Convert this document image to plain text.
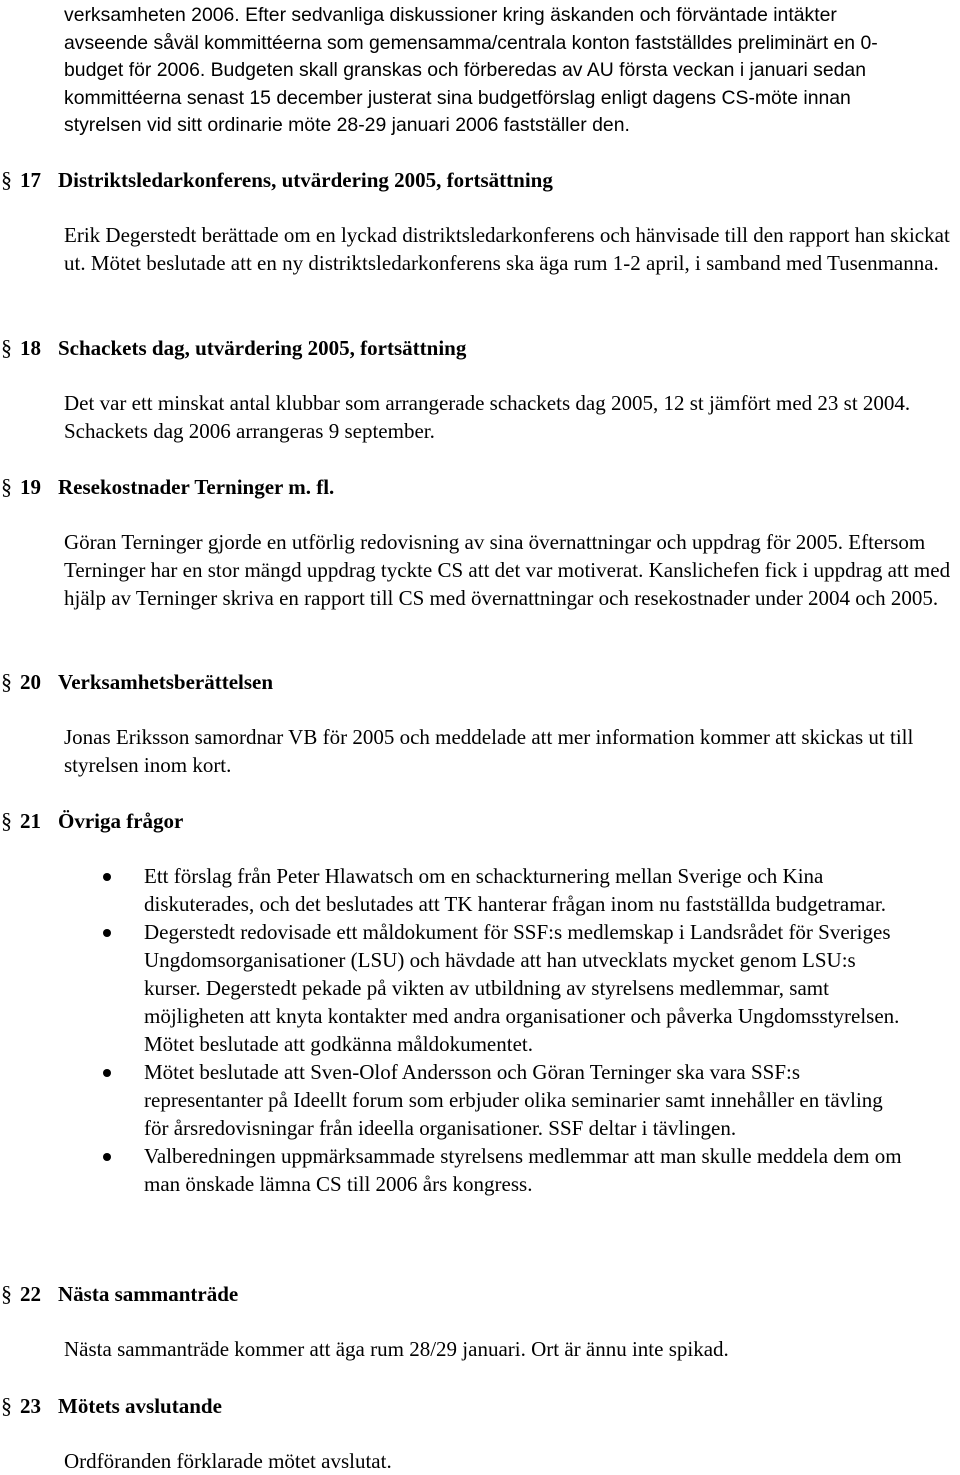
verksamheten 2006. Efter sedvanliga diskussioner kring äskanden och förväntade intäkter

avseende såväl kommittéerna som gemensamma/centrala konton fastställdes preliminärt en 0-

budget för 2006. Budgeten skall granskas och förberedas av AU första veckan i januari sedan

kommittéerna senast 15 december justerat sina budgetförslag enligt dagens CS-möte innan

styrelsen vid sitt ordinarie möte 28-29 januari 2006 fastställer den.

§ 17 Distriktsledarkonferens, utvärdering 2005, fortsättning

Erik Degerstedt berättade om en lyckad distriktsledarkonferens och hänvisade till den rapport han skickat ut. Mötet beslutade att en ny distriktsledarkonferens ska äga rum 1-2 april, i samband med Tusenmanna.

§ 18 Schackets dag, utvärdering 2005, fortsättning

Det var ett minskat antal klubbar som arrangerade schackets dag 2005, 12 st jämfört med 23 st 2004. Schackets dag 2006 arrangeras 9 september.

§ 19 Resekostnader Terninger m. fl.

Göran Terninger gjorde en utförlig redovisning av sina övernattningar och uppdrag för 2005. Eftersom Terninger har en stor mängd uppdrag tyckte CS att det var motiverat. Kanslichefen fick i uppdrag att med hjälp av Terninger skriva en rapport till CS med övernattningar och resekostnader under 2004 och 2005.

§ 20 Verksamhetsberättelsen

Jonas Eriksson samordnar VB för 2005 och meddelade att mer information kommer att skickas ut till styrelsen inom kort.

§ 21 Övriga frågor
Ett förslag från Peter Hlawatsch om en schackturnering mellan Sverige och Kina diskuterades, och det beslutades att TK hanterar frågan inom nu fastställda budgetramar.
Degerstedt redovisade ett måldokument för SSF:s medlemskap i Landsrådet för Sveriges Ungdomsorganisationer (LSU) och hävdade att han utvecklats mycket genom LSU:s kurser. Degerstedt pekade på vikten av utbildning av styrelsens medlemmar, samt möjligheten att knyta kontakter med andra organisationer och påverka Ungdomsstyrelsen. Mötet beslutade att godkänna måldokumentet.
Mötet beslutade att Sven-Olof Andersson och Göran Terninger ska vara SSF:s representanter på Ideellt forum som erbjuder olika seminarier samt innehåller en tävling för årsredovisningar från ideella organisationer. SSF deltar i tävlingen.
Valberedningen uppmärksammade styrelsens medlemmar att man skulle meddela dem om man önskade lämna CS till 2006 års kongress.
§ 22 Nästa sammanträde

Nästa sammanträde kommer att äga rum 28/29 januari. Ort är ännu inte spikad.

§ 23 Mötets avslutande

Ordföranden förklarade mötet avslutat.
